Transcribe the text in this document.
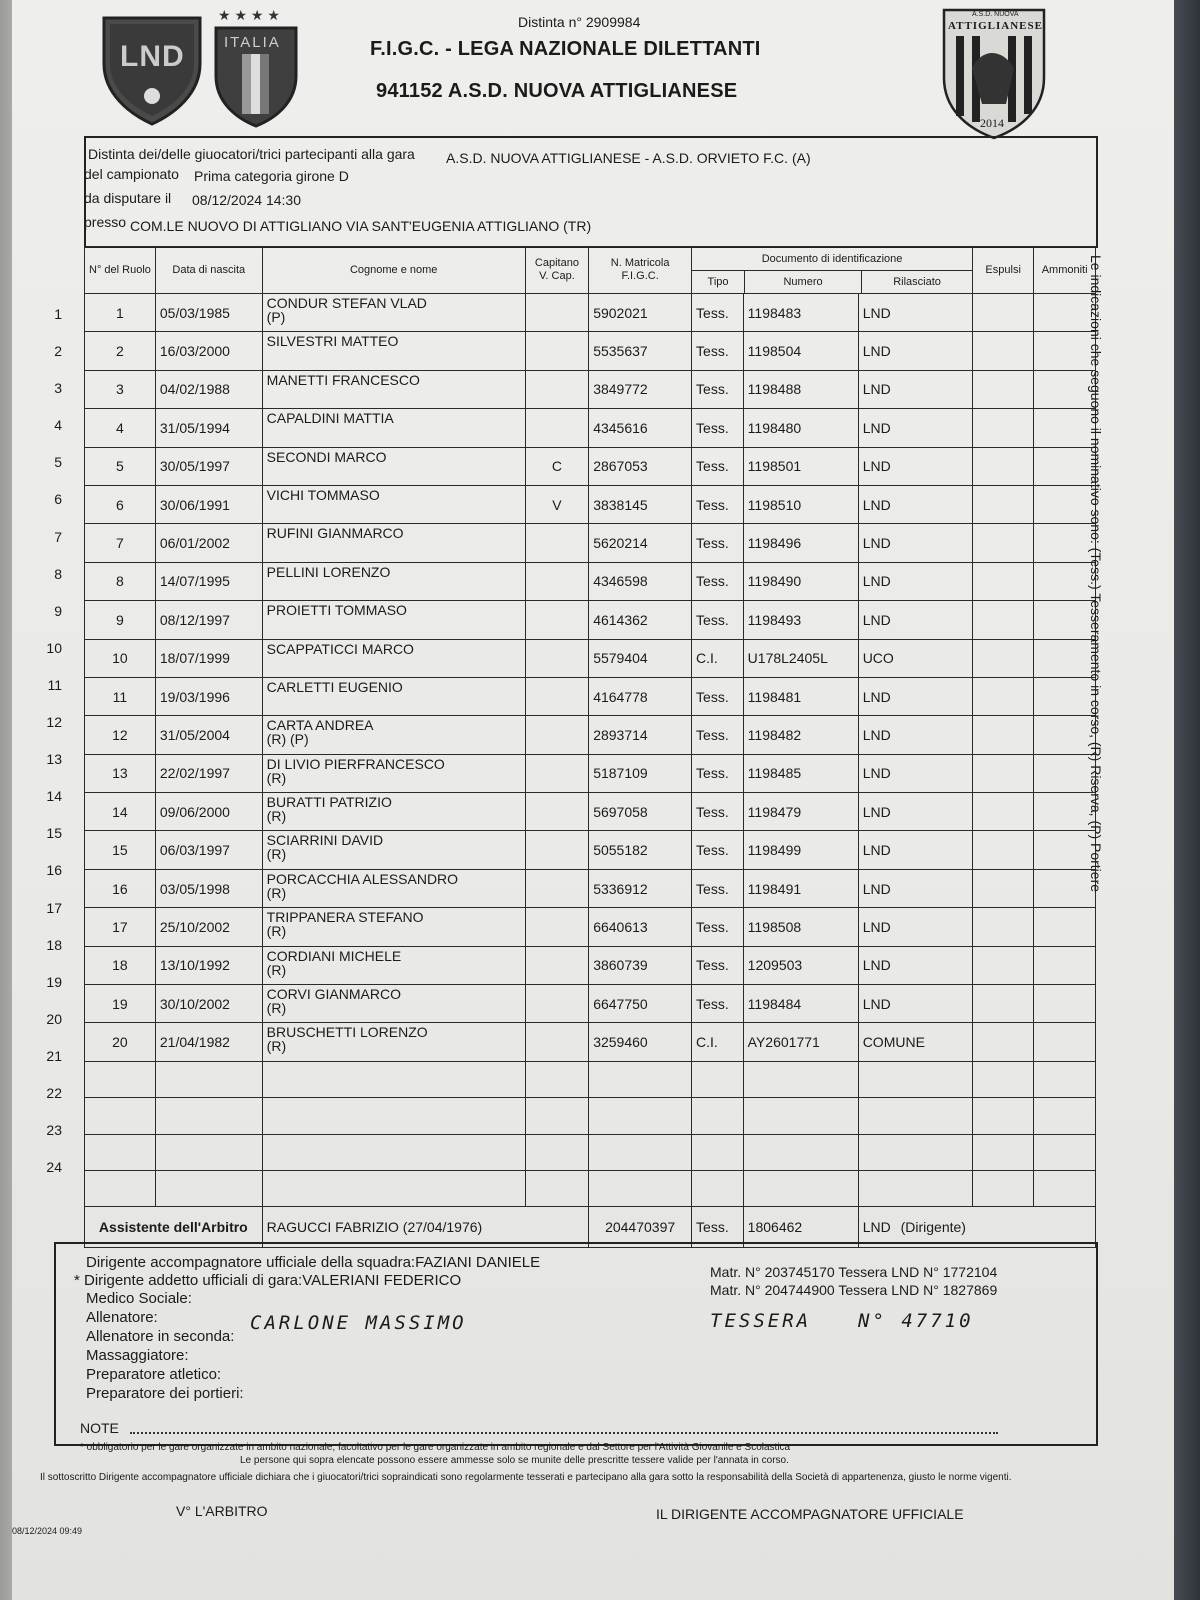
LND
★ ★ ★ ★
ITALIA
A.S.D. NUOVA
ATTIGLIANESE
2014
Distinta n° 2909984
F.I.G.C. - LEGA NAZIONALE DILETTANTI
941152 A.S.D. NUOVA ATTIGLIANESE
Distinta dei/delle giuocatori/trici partecipanti alla gara A.S.D. NUOVA ATTIGLIANESE - A.S.D. ORVIETO F.C. (A)
del campionato Prima categoria girone D
da disputare il 08/12/2024 14:30
presso COM.LE NUOVO DI ATTIGLIANO VIA SANT'EUGENIA ATTIGLIANO (TR)
1
2
3
4
5
6
7
8
9
10
11
12
13
14
15
16
17
18
19
20
21
22
23
24
N° del Ruolo	Data di nascita	Cognome e nome	Capitano V. Cap.	N. Matricola F.I.G.C.	Documento di identificazione
Tipo Numero Rilasciato			Espulsi	Ammoniti
1	05/03/1985	CONDUR STEFAN VLAD
(P)		5902021	Tess.	1198483	LND		
2	16/03/2000	SILVESTRI MATTEO		5535637	Tess.	1198504	LND		
3	04/02/1988	MANETTI FRANCESCO		3849772	Tess.	1198488	LND		
4	31/05/1994	CAPALDINI MATTIA		4345616	Tess.	1198480	LND		
5	30/05/1997	SECONDI MARCO	C	2867053	Tess.	1198501	LND		
6	30/06/1991	VICHI TOMMASO	V	3838145	Tess.	1198510	LND		
7	06/01/2002	RUFINI GIANMARCO		5620214	Tess.	1198496	LND		
8	14/07/1995	PELLINI LORENZO		4346598	Tess.	1198490	LND		
9	08/12/1997	PROIETTI TOMMASO		4614362	Tess.	1198493	LND		
10	18/07/1999	SCAPPATICCI MARCO		5579404	C.I.	U178L2405L	UCO		
11	19/03/1996	CARLETTI EUGENIO		4164778	Tess.	1198481	LND		
12	31/05/2004	CARTA ANDREA
(R) (P)		2893714	Tess.	1198482	LND		
13	22/02/1997	DI LIVIO PIERFRANCESCO
(R)		5187109	Tess.	1198485	LND		
14	09/06/2000	BURATTI PATRIZIO
(R)		5697058	Tess.	1198479	LND		
15	06/03/1997	SCIARRINI DAVID
(R)		5055182	Tess.	1198499	LND		
16	03/05/1998	PORCACCHIA ALESSANDRO
(R)		5336912	Tess.	1198491	LND		
17	25/10/2002	TRIPPANERA STEFANO
(R)		6640613	Tess.	1198508	LND		
18	13/10/1992	CORDIANI MICHELE
(R)		3860739	Tess.	1209503	LND		
19	30/10/2002	CORVI GIANMARCO
(R)		6647750	Tess.	1198484	LND		
20	21/04/1982	BRUSCHETTI LORENZO
(R)		3259460	C.I.	AY2601771	COMUNE		

Assistente dell'Arbitro		RAGUCCI FABRIZIO (27/04/1976)		204470397	Tess.	1806462	LND (Dirigente)		
Dirigente accompagnatore ufficiale della squadra:FAZIANI DANIELE
* Dirigente addetto ufficiali di gara:VALERIANI FEDERICO
Medico Sociale:
Allenatore:
Allenatore in seconda:
Massaggiatore:
Preparatore atletico:
Preparatore dei portieri:
Matr. N° 203745170 Tessera LND N° 1772104
Matr. N° 204744900 Tessera LND N° 1827869
CARLONE MASSIMO	TESSERA N° 47710
NOTE
* obbligatorio per le gare organizzate in ambito nazionale, facoltativo per le gare organizzate in ambito regionale e dal Settore per l'Attività Giovanile e Scolastica
Le persone qui sopra elencate possono essere ammesse solo se munite delle prescritte tessere valide per l'annata in corso.
Il sottoscritto Dirigente accompagnatore ufficiale dichiara che i giuocatori/trici sopraindicati sono regolarmente tesserati e partecipano alla gara sotto la responsabilità della Società di appartenenza, giusto le norme vigenti.
V° L'ARBITRO	IL DIRIGENTE ACCOMPAGNATORE UFFICIALE
08/12/2024 09:49
Le indicazioni che seguono il nominativo sono: (Tess.) Tesseramento in corso, (R) Riserva, (P) Portiere
